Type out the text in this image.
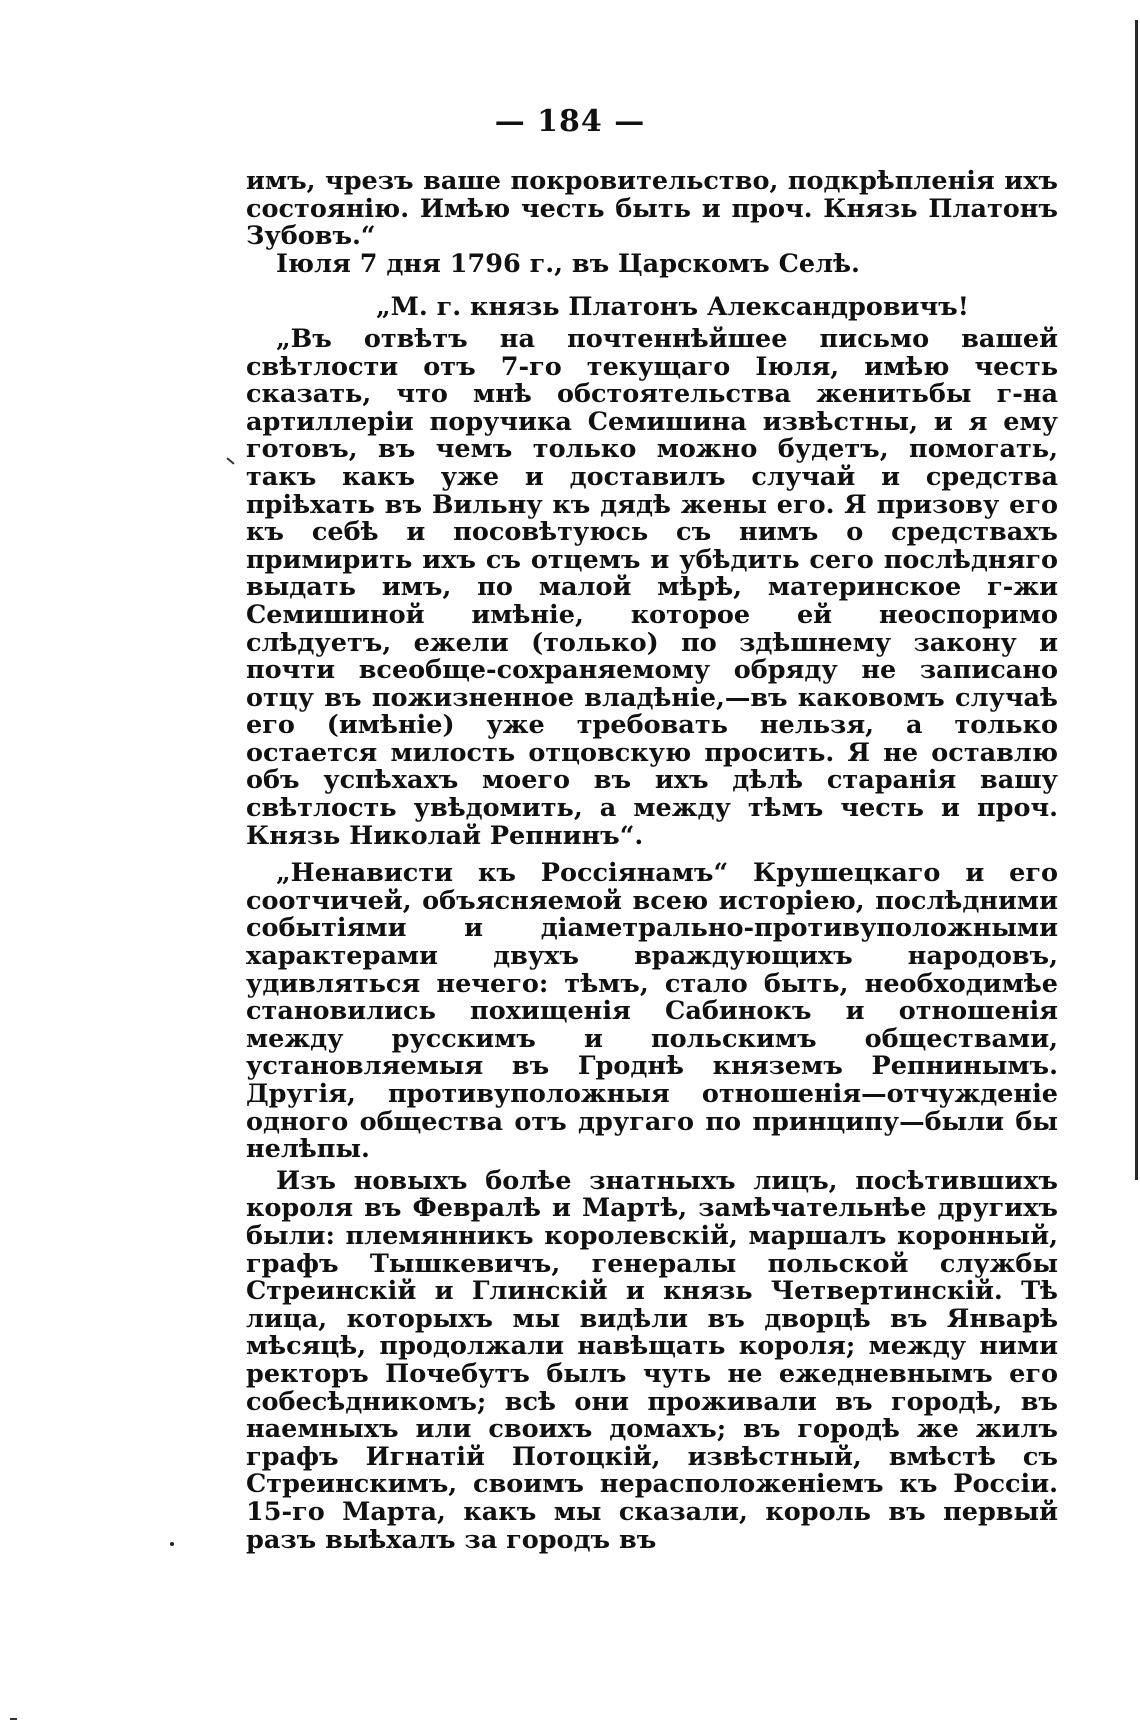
— 184 —

имъ, чрезъ ваше покровительство, подкрѣпленія ихъ состоянію. Имѣю честь быть и проч. Князь Платонъ Зубовъ.“

Іюля 7 дня 1796 г., въ Царскомъ Селѣ.

„М. г. князь Платонъ Александровичъ!

„Въ отвѣтъ на почтеннѣйшее письмо вашей свѣтлости отъ 7-го текущаго Іюля, имѣю честь сказать, что мнѣ обстоятельства женитьбы г-на артиллеріи поручика Семишина извѣстны, и я ему готовъ, въ чемъ только можно будетъ, помогать, такъ какъ уже и доставилъ случай и средства пріѣхать въ Вильну къ дядѣ жены его. Я призову его къ себѣ и посовѣтуюсь съ нимъ о средствахъ примирить ихъ съ отцемъ и убѣдить сего послѣдняго выдать имъ, по малой мѣрѣ, материнское г-жи Семишиной имѣніе, которое ей неоспоримо слѣдуетъ, ежели (только) по здѣшнему закону и почти всеобще-сохраняемому обряду не записано отцу въ пожизненное владѣніе,—въ каковомъ случаѣ его (имѣніе) уже требовать нельзя, а только остается милость отцовскую просить. Я не оставлю объ успѣхахъ моего въ ихъ дѣлѣ старанія вашу свѣтлость увѣдомить, а между тѣмъ честь и проч. Князь Николай Репнинъ“.

„Ненависти къ Россіянамъ“ Крушецкаго и его соотчичей, объясняемой всею исторіею, послѣдними событіями и діаметрально-противуположными характерами двухъ враждующихъ народовъ, удивляться нечего: тѣмъ, стало быть, необходимѣе становились похищенія Сабинокъ и отношенія между русскимъ и польскимъ обществами, установляемыя въ Гроднѣ княземъ Репнинымъ. Другія, противуположныя отношенія—отчужденіе одного общества отъ другаго по принципу—были бы нелѣпы.

Изъ новыхъ болѣе знатныхъ лицъ, посѣтившихъ короля въ Февралѣ и Мартѣ, замѣчательнѣе другихъ были: племянникъ королевскій, маршалъ коронный, графъ Тышкевичъ, генералы польской службы Стреинскій и Глинскій и князь Четвертинскій. Тѣ лица, которыхъ мы видѣли въ дворцѣ въ Январѣ мѣсяцѣ, продолжали навѣщать короля; между ними ректоръ Почебутъ былъ чуть не ежедневнымъ его собесѣдникомъ; всѣ они проживали въ городѣ, въ наемныхъ или своихъ домахъ; въ городѣ же жилъ графъ Игнатій Потоцкій, извѣстный, вмѣстѣ съ Стреинскимъ, своимъ нерасположеніемъ къ Россіи. 15-го Марта, какъ мы сказали, король въ первый разъ выѣхалъ за городъ въ
